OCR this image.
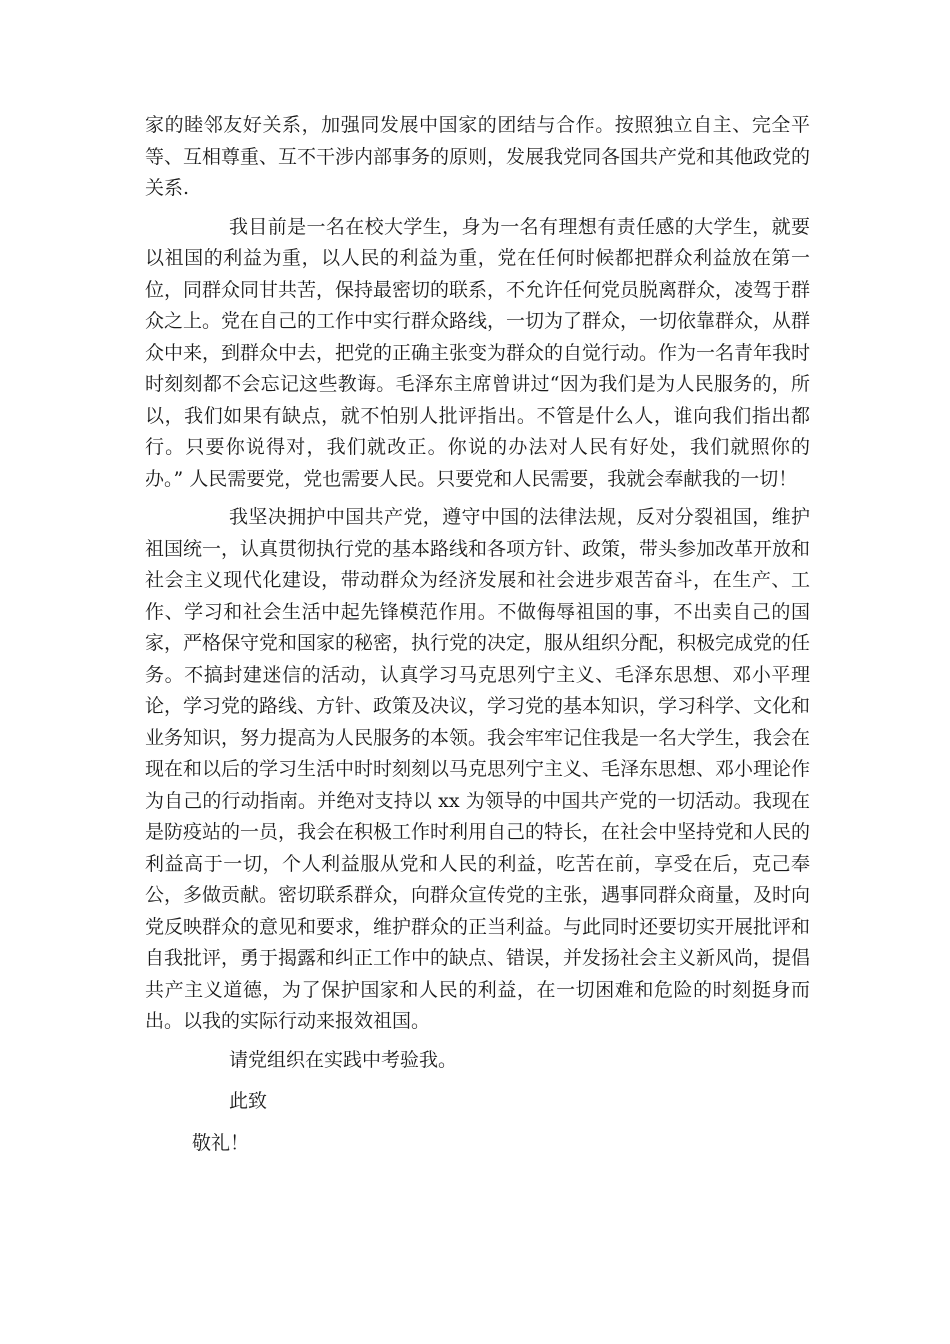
家的睦邻友好关系，加强同发展中国家的团结与合作。按照独立自主、完全平等、互相尊重、互不干涉内部事务的原则，发展我党同各国共产党和其他政党的关系.

我目前是一名在校大学生，身为一名有理想有责任感的大学生，就要以祖国的利益为重，以人民的利益为重，党在任何时候都把群众利益放在第一位，同群众同甘共苦，保持最密切的联系，不允许任何党员脱离群众，凌驾于群众之上。党在自己的工作中实行群众路线，一切为了群众，一切依靠群众，从群众中来，到群众中去，把党的正确主张变为群众的自觉行动。作为一名青年我时时刻刻都不会忘记这些教诲。毛泽东主席曾讲过“因为我们是为人民服务的，所以，我们如果有缺点，就不怕别人批评指出。不管是什么人，谁向我们指出都行。只要你说得对，我们就改正。你说的办法对人民有好处，我们就照你的办。” 人民需要党，党也需要人民。只要党和人民需要，我就会奉献我的一切！

我坚决拥护中国共产党，遵守中国的法律法规，反对分裂祖国，维护祖国统一，认真贯彻执行党的基本路线和各项方针、政策，带头参加改革开放和社会主义现代化建设，带动群众为经济发展和社会进步艰苦奋斗，在生产、工作、学习和社会生活中起先锋模范作用。不做侮辱祖国的事，不出卖自己的国家，严格保守党和国家的秘密，执行党的决定，服从组织分配，积极完成党的任务。不搞封建迷信的活动，认真学习马克思列宁主义、毛泽东思想、邓小平理论，学习党的路线、方针、政策及决议，学习党的基本知识，学习科学、文化和业务知识，努力提高为人民服务的本领。我会牢牢记住我是一名大学生，我会在现在和以后的学习生活中时时刻刻以马克思列宁主义、毛泽东思想、邓小理论作为自己的行动指南。并绝对支持以 xx 为领导的中国共产党的一切活动。我现在是防疫站的一员，我会在积极工作时利用自己的特长，在社会中坚持党和人民的利益高于一切，个人利益服从党和人民的利益，吃苦在前，享受在后，克己奉公，多做贡献。密切联系群众，向群众宣传党的主张，遇事同群众商量，及时向党反映群众的意见和要求，维护群众的正当利益。与此同时还要切实开展批评和自我批评，勇于揭露和纠正工作中的缺点、错误，并发扬社会主义新风尚，提倡共产主义道德，为了保护国家和人民的利益，在一切困难和危险的时刻挺身而出。以我的实际行动来报效祖国。

请党组织在实践中考验我。

此致

敬礼！
